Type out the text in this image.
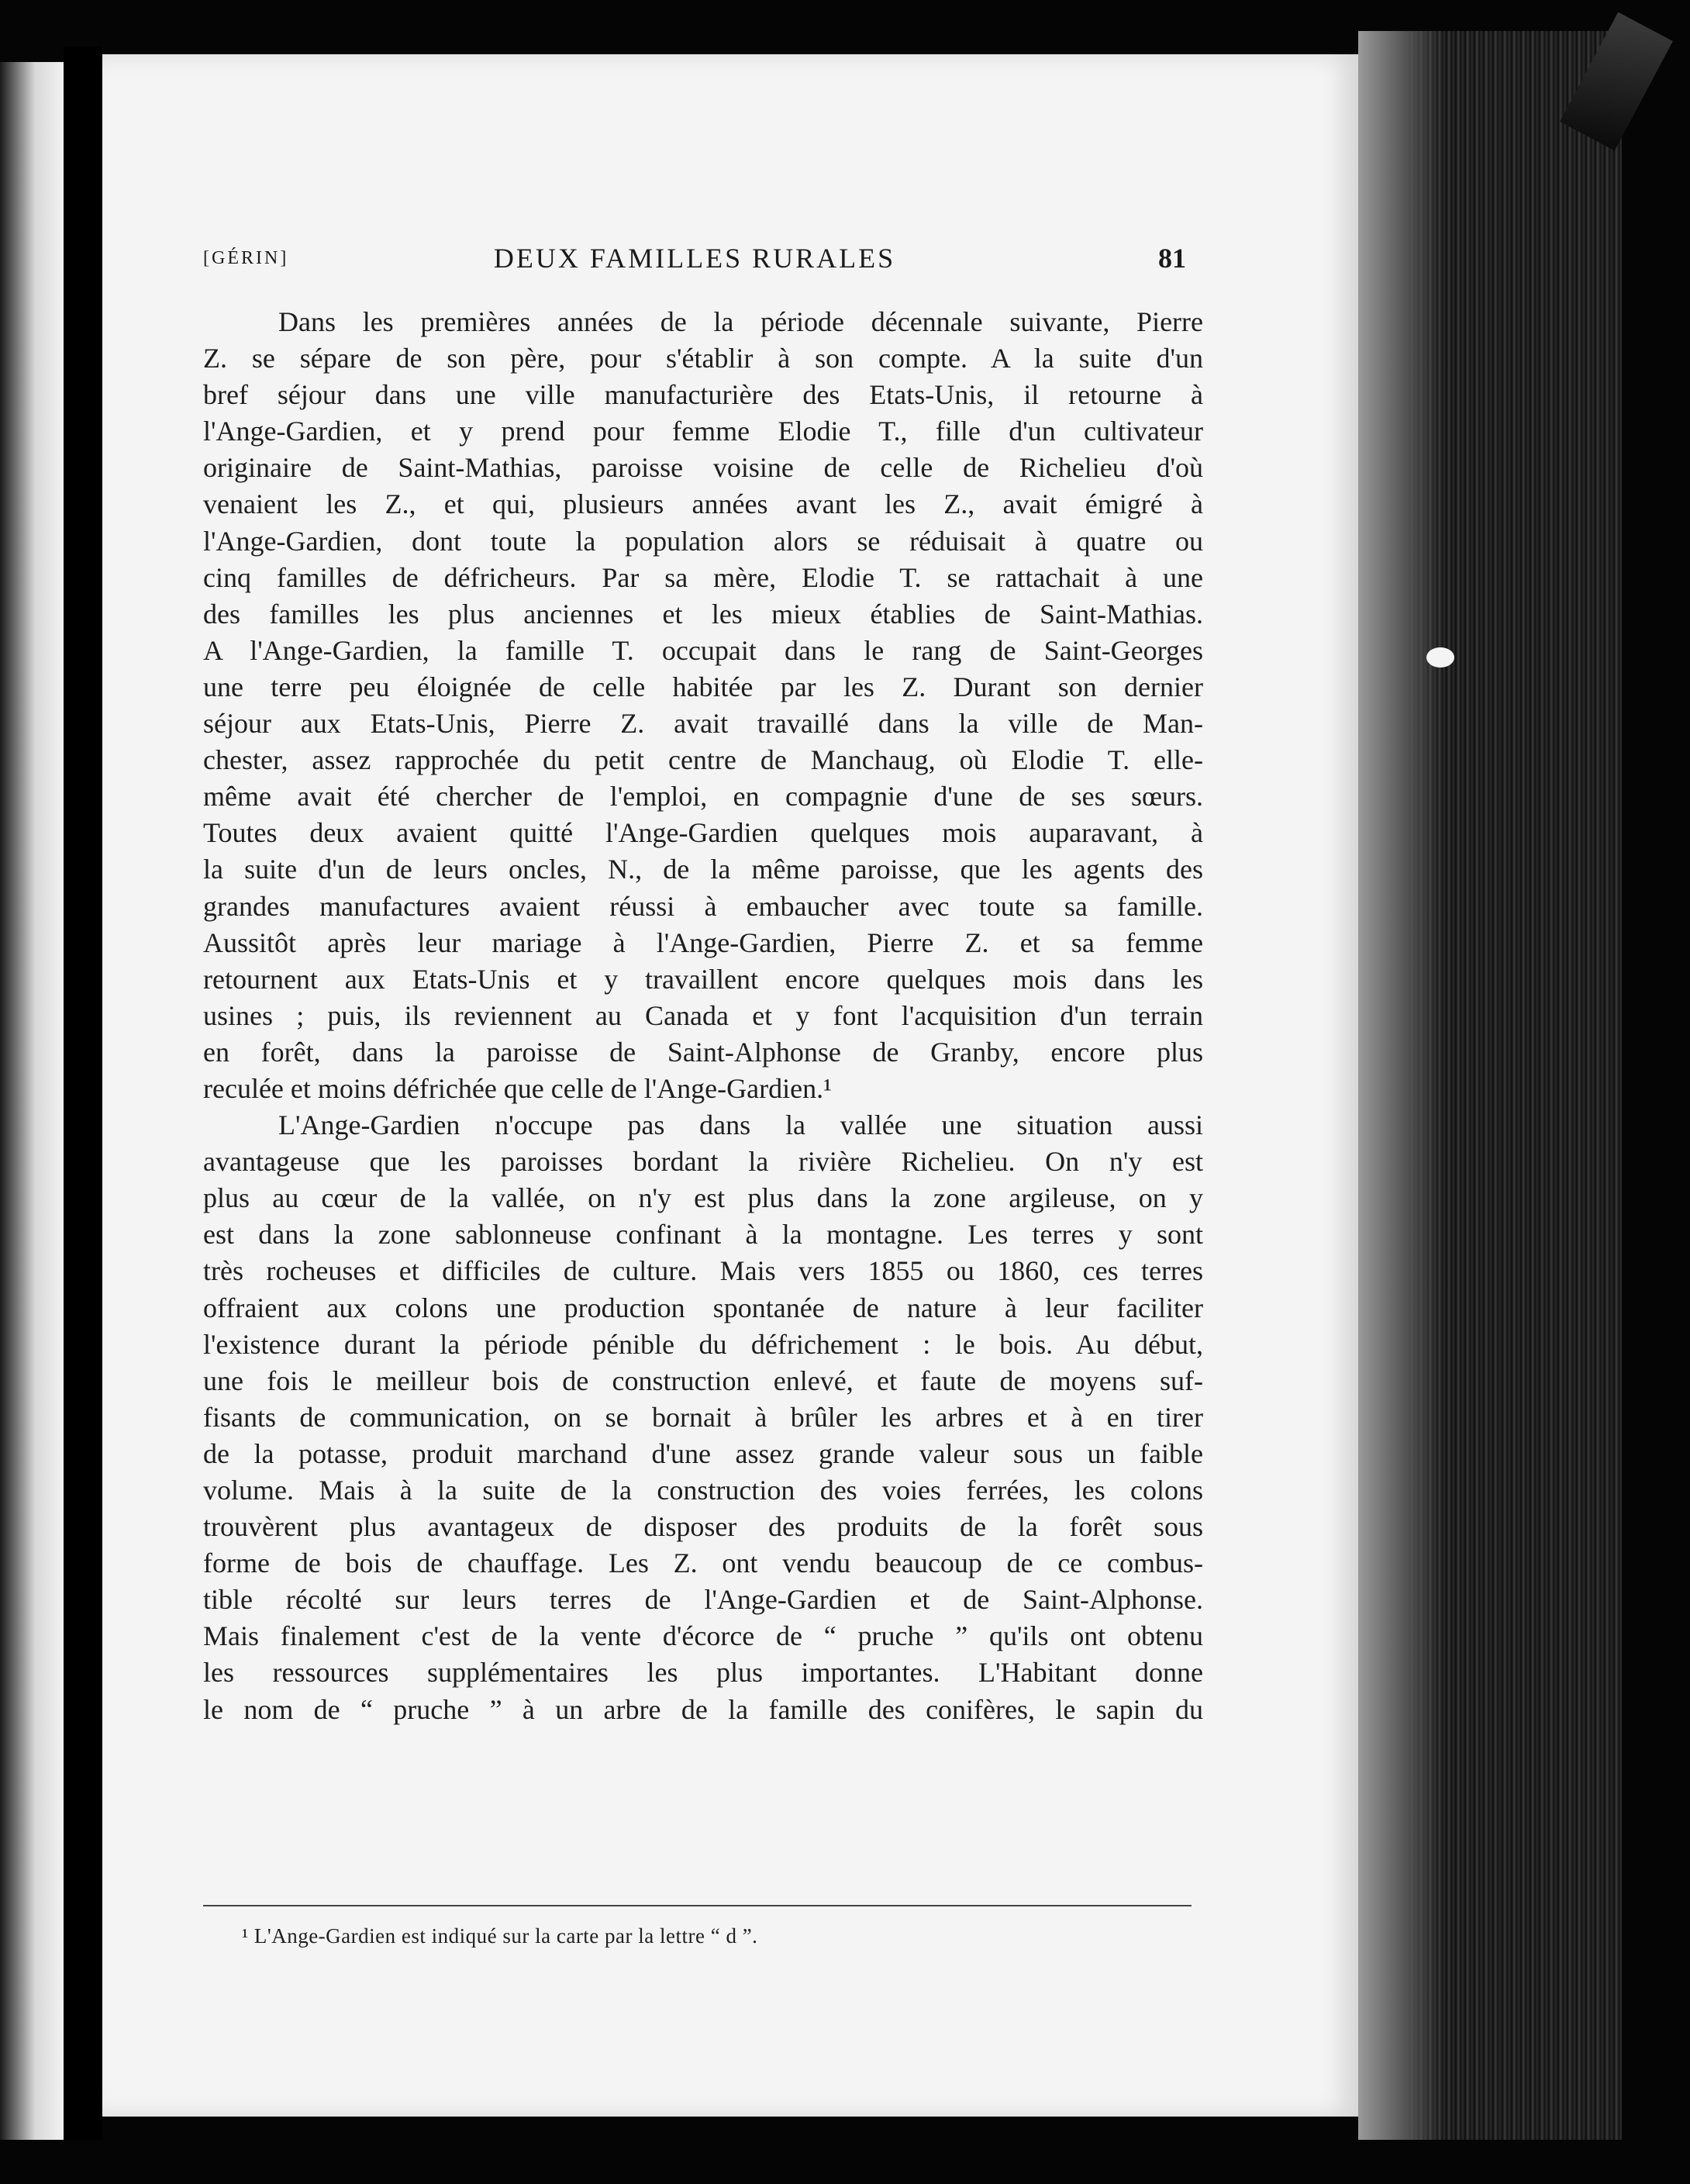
[GÉRIN]	DEUX FAMILLES RURALES	81
Dans les premières années de la période décennale suivante, Pierre
Z. se sépare de son père, pour s'établir à son compte. A la suite d'un
bref séjour dans une ville manufacturière des Etats-Unis, il retourne à
l'Ange-Gardien, et y prend pour femme Elodie T., fille d'un cultivateur
originaire de Saint-Mathias, paroisse voisine de celle de Richelieu d'où
venaient les Z., et qui, plusieurs années avant les Z., avait émigré à
l'Ange-Gardien, dont toute la population alors se réduisait à quatre ou
cinq familles de défricheurs. Par sa mère, Elodie T. se rattachait à une
des familles les plus anciennes et les mieux établies de Saint-Mathias.
A l'Ange-Gardien, la famille T. occupait dans le rang de Saint-Georges
une terre peu éloignée de celle habitée par les Z. Durant son dernier
séjour aux Etats-Unis, Pierre Z. avait travaillé dans la ville de Man-
chester, assez rapprochée du petit centre de Manchaug, où Elodie T. elle-
même avait été chercher de l'emploi, en compagnie d'une de ses sœurs.
Toutes deux avaient quitté l'Ange-Gardien quelques mois auparavant, à
la suite d'un de leurs oncles, N., de la même paroisse, que les agents des
grandes manufactures avaient réussi à embaucher avec toute sa famille.
Aussitôt après leur mariage à l'Ange-Gardien, Pierre Z. et sa femme
retournent aux Etats-Unis et y travaillent encore quelques mois dans les
usines ; puis, ils reviennent au Canada et y font l'acquisition d'un terrain
en forêt, dans la paroisse de Saint-Alphonse de Granby, encore plus
reculée et moins défrichée que celle de l'Ange-Gardien.¹
L'Ange-Gardien n'occupe pas dans la vallée une situation aussi
avantageuse que les paroisses bordant la rivière Richelieu. On n'y est
plus au cœur de la vallée, on n'y est plus dans la zone argileuse, on y
est dans la zone sablonneuse confinant à la montagne. Les terres y sont
très rocheuses et difficiles de culture. Mais vers 1855 ou 1860, ces terres
offraient aux colons une production spontanée de nature à leur faciliter
l'existence durant la période pénible du défrichement : le bois. Au début,
une fois le meilleur bois de construction enlevé, et faute de moyens suf-
fisants de communication, on se bornait à brûler les arbres et à en tirer
de la potasse, produit marchand d'une assez grande valeur sous un faible
volume. Mais à la suite de la construction des voies ferrées, les colons
trouvèrent plus avantageux de disposer des produits de la forêt sous
forme de bois de chauffage. Les Z. ont vendu beaucoup de ce combus-
tible récolté sur leurs terres de l'Ange-Gardien et de Saint-Alphonse.
Mais finalement c'est de la vente d'écorce de “ pruche ” qu'ils ont obtenu
les ressources supplémentaires les plus importantes. L'Habitant donne
le nom de “ pruche ” à un arbre de la famille des conifères, le sapin du
¹ L'Ange-Gardien est indiqué sur la carte par la lettre “ d ”.
